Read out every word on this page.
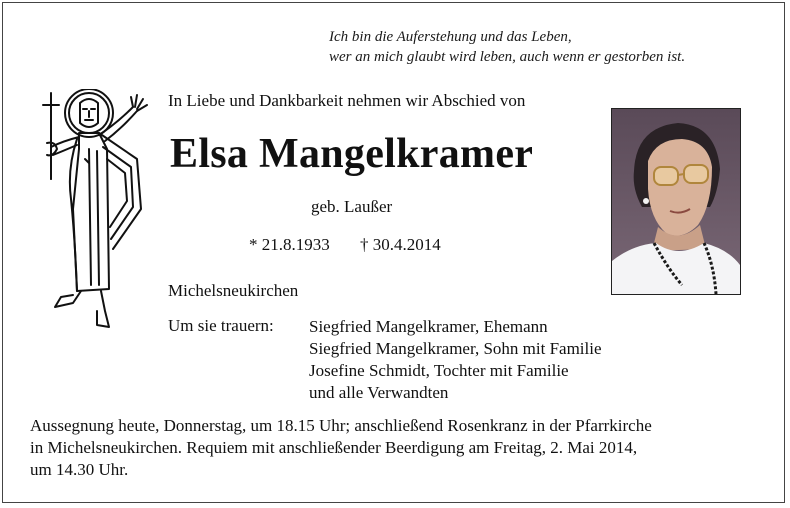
Ich bin die Auferstehung und das Leben,
wer an mich glaubt wird leben, auch wenn er gestorben ist.
In Liebe und Dankbarkeit nehmen wir Abschied von
Elsa Mangelkramer
geb. Laußer
* 21.8.1933 † 30.4.2014
Michelsneukirchen
Um sie trauern: Siegfried Mangelkramer, Ehemann
Siegfried Mangelkramer, Sohn mit Familie
Josefine Schmidt, Tochter mit Familie
und alle Verwandten
Aussegnung heute, Donnerstag, um 18.15 Uhr; anschließend Rosenkranz in der Pfarrkirche
in Michelsneukirchen. Requiem mit anschließender Beerdigung am Freitag, 2. Mai 2014,
um 14.30 Uhr.
